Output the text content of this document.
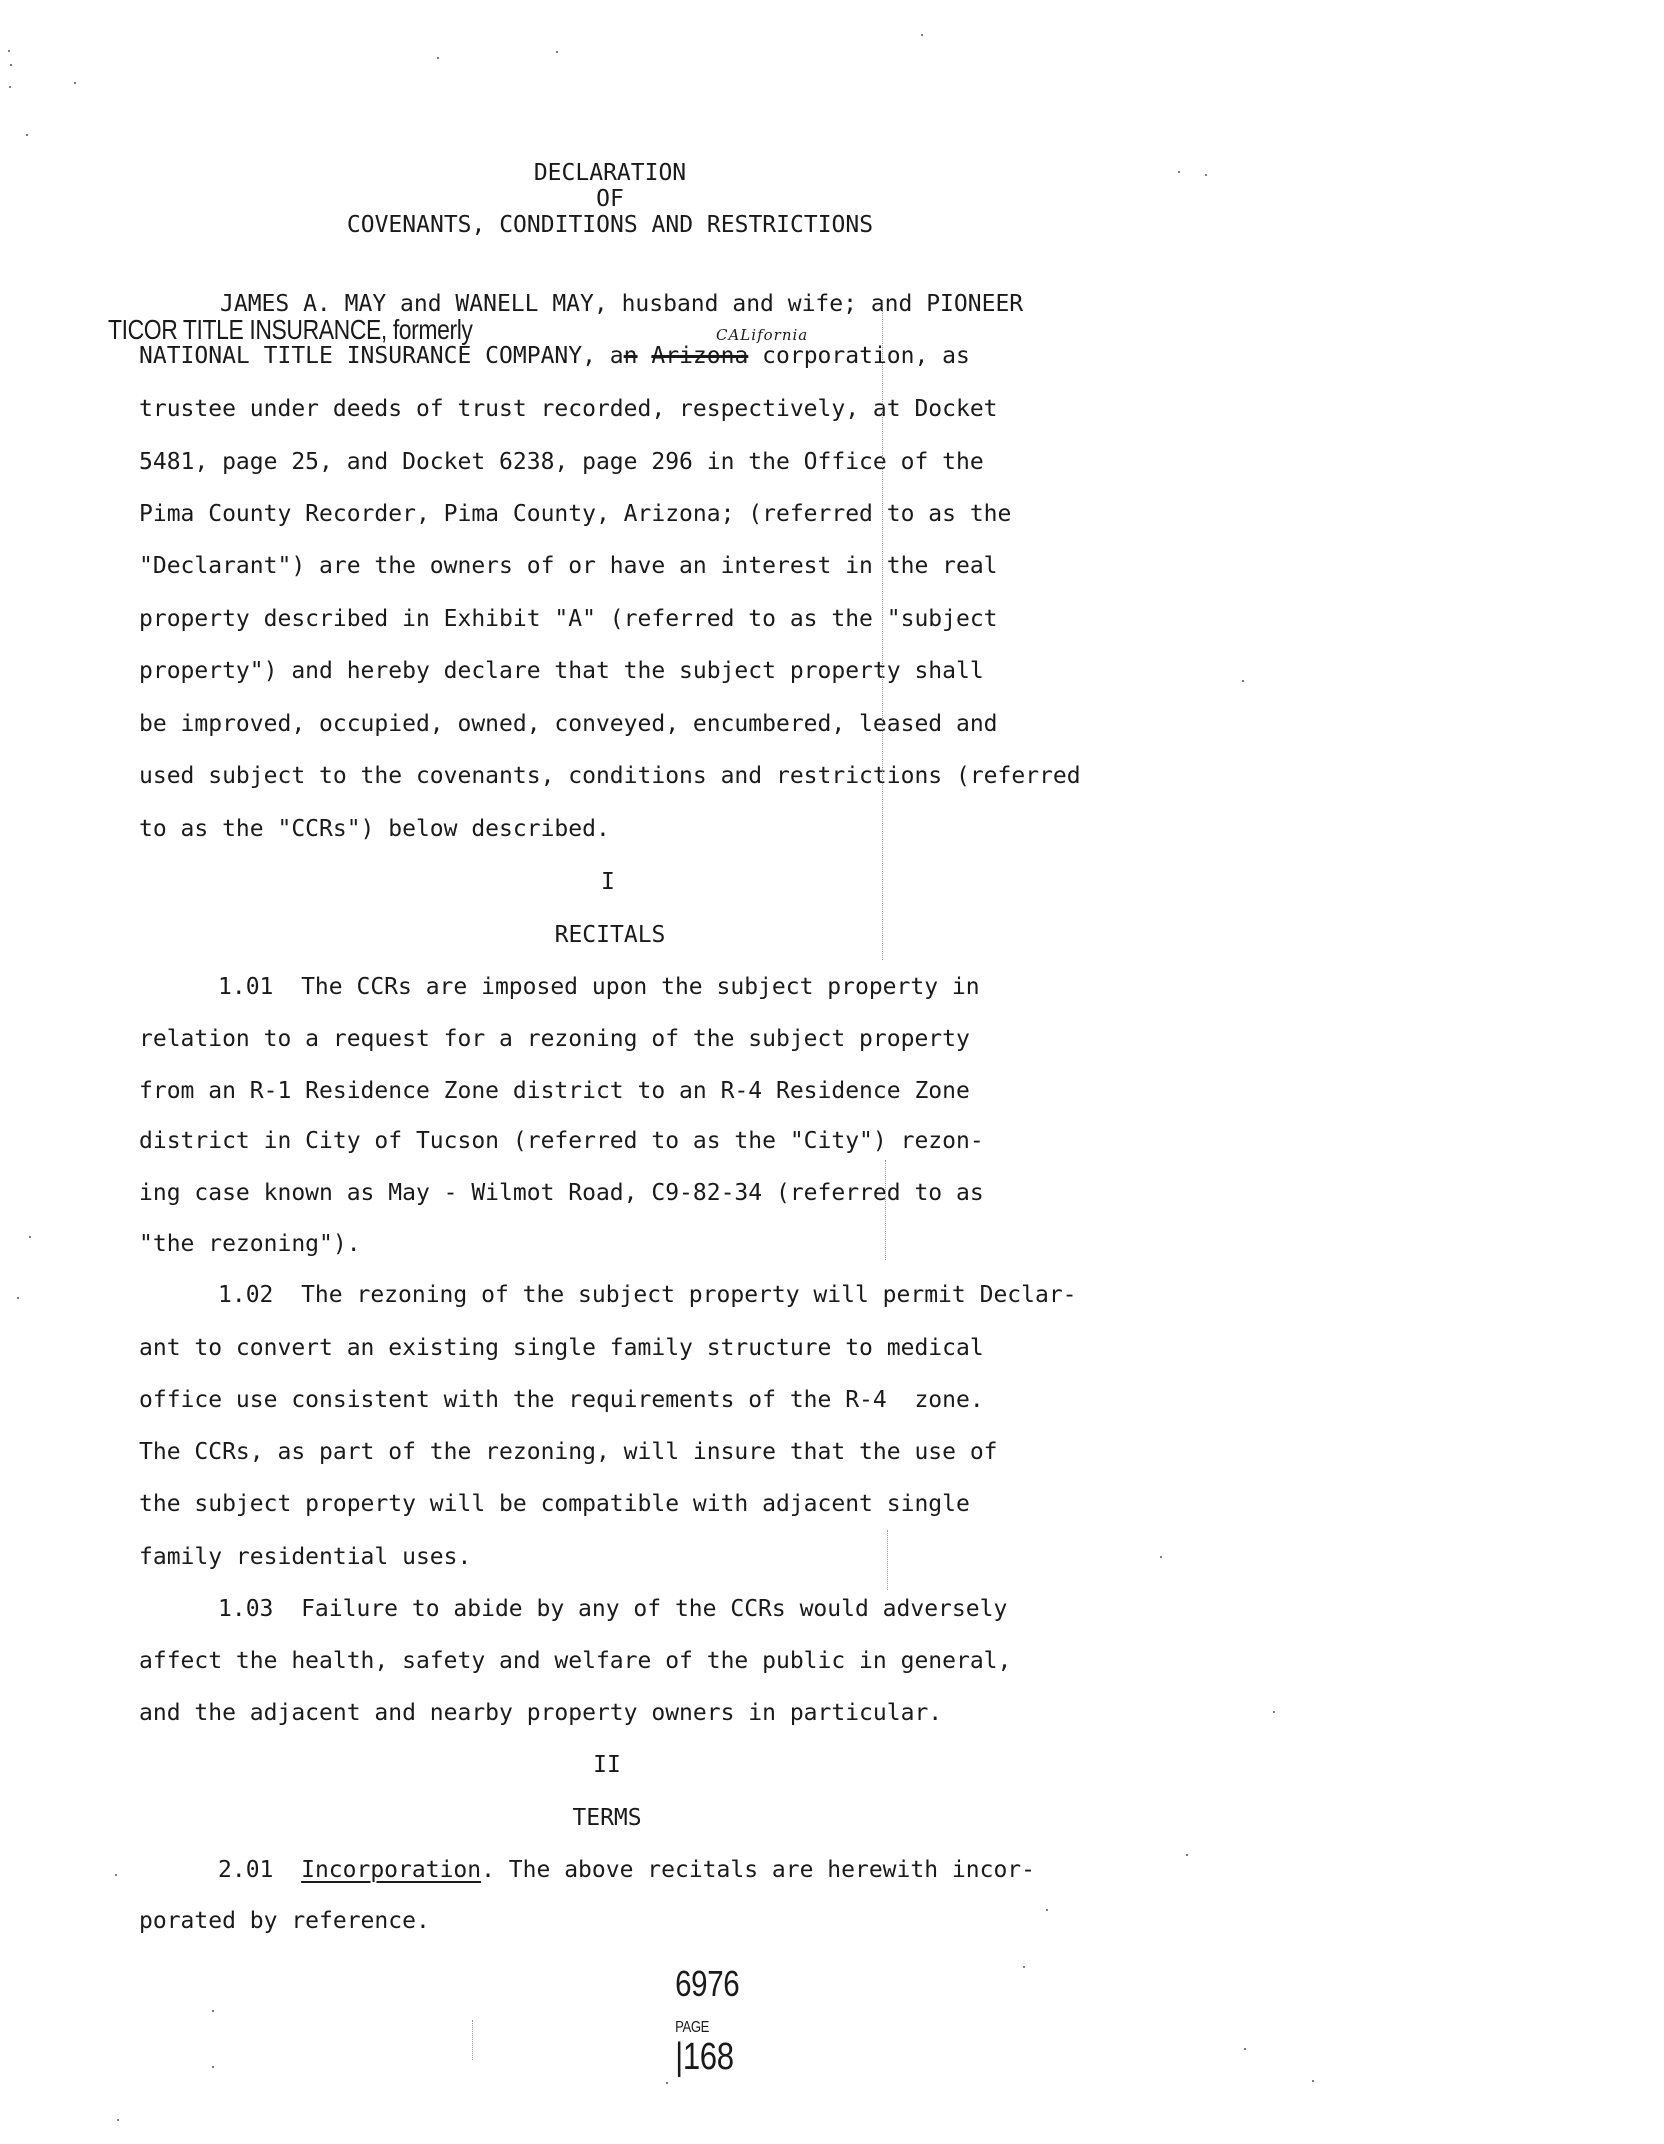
DECLARATION
OF
COVENANTS, CONDITIONS AND RESTRICTIONS
JAMES A. MAY and WANELL MAY, husband and wife; and PIONEER
TICOR TITLE INSURANCE, formerly	CALifornia
NATIONAL TITLE INSURANCE COMPANY, an Arizona corporation, as
trustee under deeds of trust recorded, respectively, at Docket
5481, page 25, and Docket 6238, page 296 in the Office of the
Pima County Recorder, Pima County, Arizona; (referred to as the
"Declarant") are the owners of or have an interest in the real
property described in Exhibit "A" (referred to as the "subject
property") and hereby declare that the subject property shall
be improved, occupied, owned, conveyed, encumbered, leased and
used subject to the covenants, conditions and restrictions (referred
to as the "CCRs") below described.
I
RECITALS
1.01  The CCRs are imposed upon the subject property in
relation to a request for a rezoning of the subject property
from an R-1 Residence Zone district to an R-4 Residence Zone
district in City of Tucson (referred to as the "City") rezon-
ing case known as May - Wilmot Road, C9-82-34 (referred to as
"the rezoning").
1.02  The rezoning of the subject property will permit Declar-
ant to convert an existing single family structure to medical
office use consistent with the requirements of the R-4  zone.
The CCRs, as part of the rezoning, will insure that the use of
the subject property will be compatible with adjacent single
family residential uses.
1.03  Failure to abide by any of the CCRs would adversely
affect the health, safety and welfare of the public in general,
and the adjacent and nearby property owners in particular.
II
TERMS
2.01  Incorporation. The above recitals are herewith incor-
porated by reference.

6976
PAGE
|168
